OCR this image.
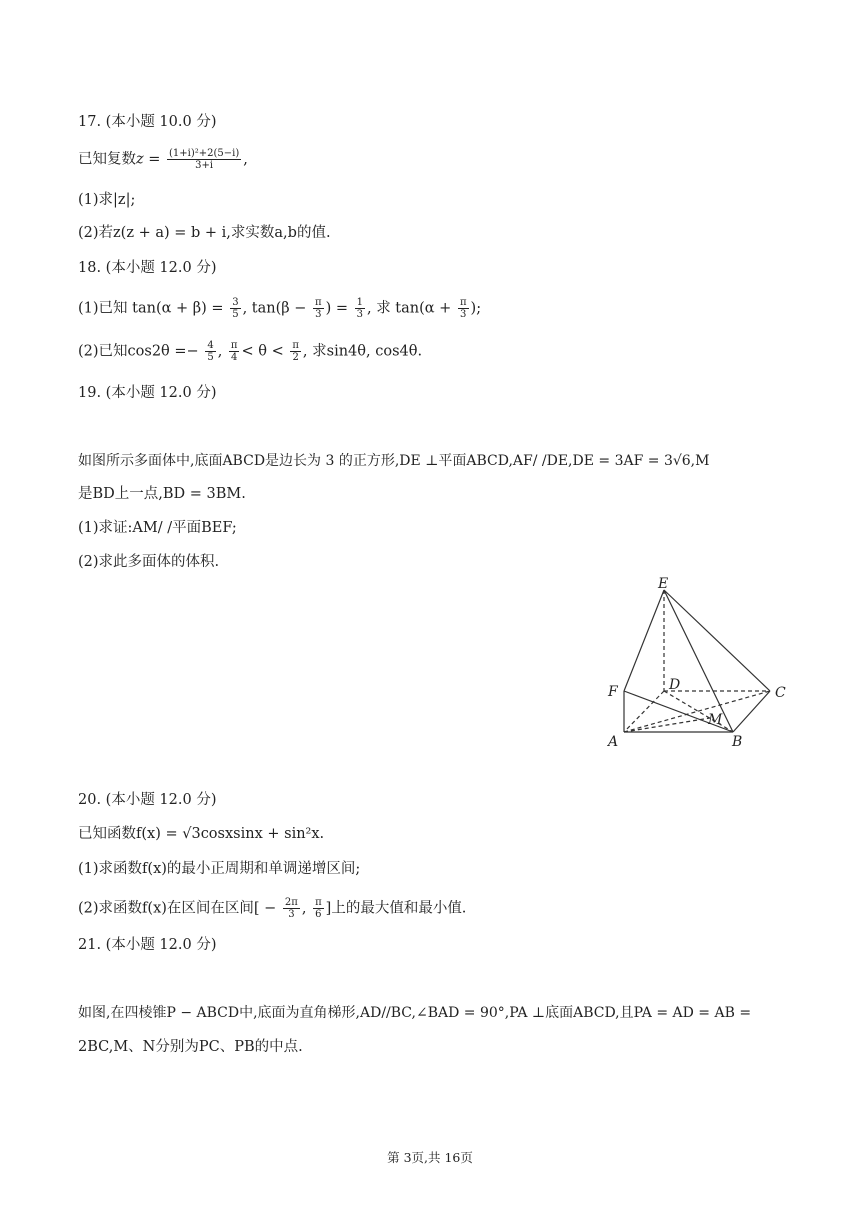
17. (本小题 10.0 分)
已知复数$z = \frac{\text{(1+i)²+2(5−i)}}{3+i}$ ,
(1)求|z|;
(2)若z(z + a) = b + i,求实数a,b的值.
18. (本小题 12.0 分)
(1)已知 $\tan(\alpha + \beta) = \frac{3}{5}$ , $\tan(\beta - \frac{\pi}{3}$ ) = $\frac{1}{3}$ , 求 $\tan(\alpha + \frac{\pi}{3}$ );
(2)已知$\cos 2\theta =- \frac{4}{5}$ , $\frac{\pi}{4} < \theta < \frac{\pi}{2}$ , 求sin4θ, cos4θ.
19. (本小题 12.0 分)
如图所示多面体中,底面ABCD是边长为 3 的正方形,DE ⊥平面ABCD,AF/ /DE,DE = 3AF = 3√6,M
是BD上一点,BD = 3BM.
(1)求证:AM/ /平面BEF;
(2)求此多面体的体积.
E
F	D	C
M
A	B
20. (本小题 12.0 分)
已知函数f(x) = √3cosxsinx + sin²x.
(1)求函数f(x)的最小正周期和单调递增区间;
(2)求函数f(x)在区间在区间[ − $\frac{2\pi}{3}$ , $\frac{\pi}{6}$ ]上的最大值和最小值.
21. (本小题 12.0 分)
如图,在四棱锥P − ABCD中,底面为直角梯形,AD//BC,∠BAD = 90°,PA ⊥底面ABCD,且PA = AD = AB =
2BC,M、N分别为PC、PB的中点.
第 3页,共 16页
